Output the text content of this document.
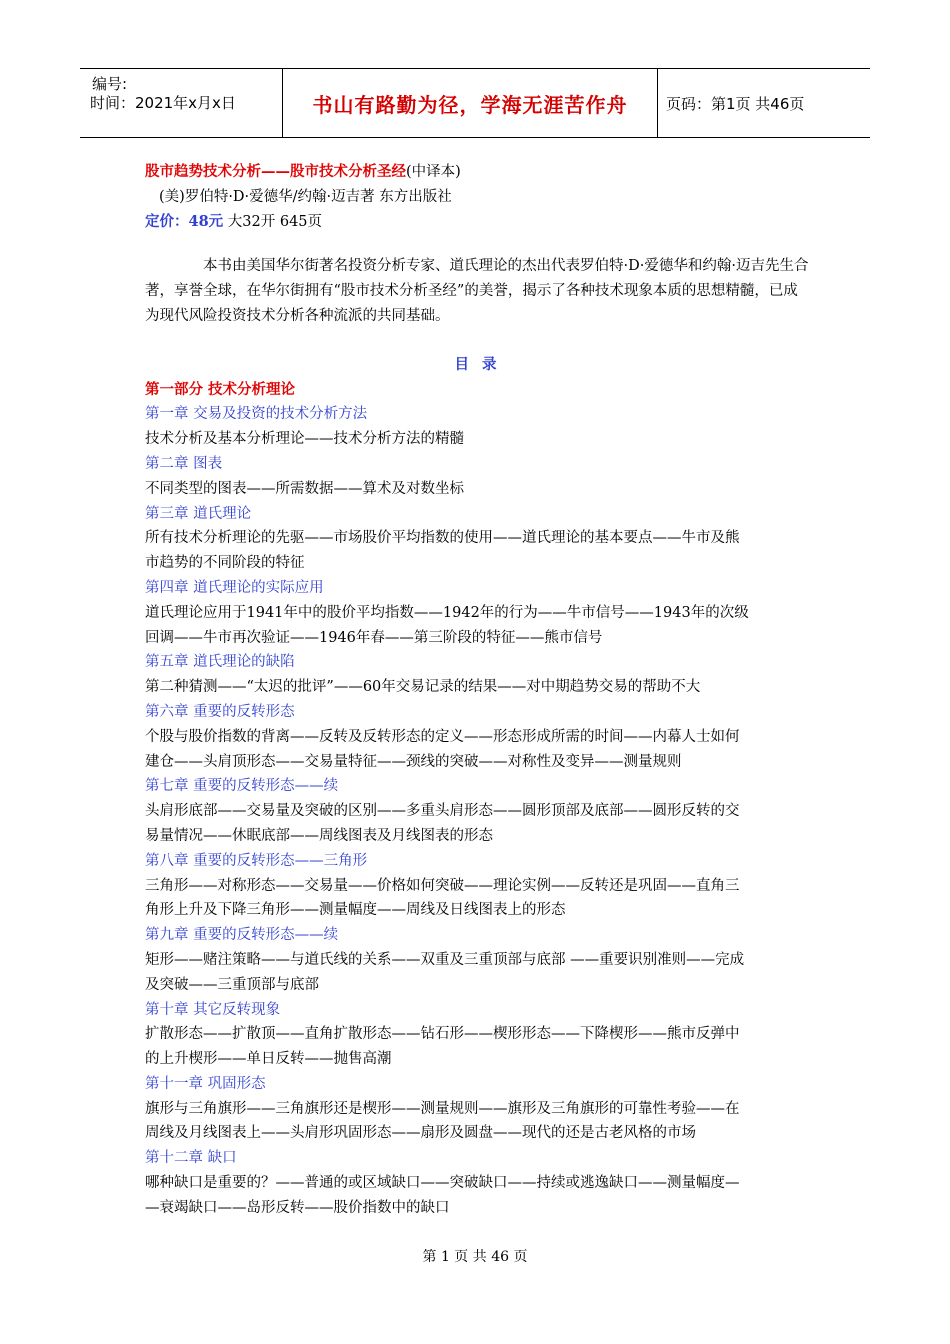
编号:
时间：2021年x月x日	书山有路勤为径，学海无涯苦作舟	页码：第1页 共46页
股市趋势技术分析——股市技术分析圣经(中译本)
(美)罗伯特·D·爱德华/约翰·迈吉著 东方出版社
定价：48元 大32开 645页
本书由美国华尔街著名投资分析专家、道氏理论的杰出代表罗伯特·D·爱德华和约翰·迈吉先生合著，享誉全球，在华尔街拥有“股市技术分析圣经”的美誉，揭示了各种技术现象本质的思想精髓，已成为现代风险投资技术分析各种流派的共同基础。
目 录
第一部分 技术分析理论
第一章 交易及投资的技术分析方法
技术分析及基本分析理论——技术分析方法的精髓
第二章 图表
不同类型的图表——所需数据——算术及对数坐标
第三章 道氏理论
所有技术分析理论的先驱——市场股价平均指数的使用——道氏理论的基本要点——牛市及熊
市趋势的不同阶段的特征
第四章 道氏理论的实际应用
道氏理论应用于1941年中的股价平均指数——1942年的行为——牛市信号——1943年的次级
回调——牛市再次验证——1946年春——第三阶段的特征——熊市信号
第五章 道氏理论的缺陷
第二种猜测——“太迟的批评”——60年交易记录的结果——对中期趋势交易的帮助不大
第六章 重要的反转形态
个股与股价指数的背离——反转及反转形态的定义——形态形成所需的时间——内幕人士如何
建仓——头肩顶形态——交易量特征——颈线的突破——对称性及变异——测量规则
第七章 重要的反转形态——续
头肩形底部——交易量及突破的区别——多重头肩形态——圆形顶部及底部——圆形反转的交
易量情况——休眠底部——周线图表及月线图表的形态
第八章 重要的反转形态——三角形
三角形——对称形态——交易量——价格如何突破——理论实例——反转还是巩固——直角三
角形上升及下降三角形——测量幅度——周线及日线图表上的形态
第九章 重要的反转形态——续
矩形——赌注策略——与道氏线的关系——双重及三重顶部与底部 ——重要识别准则——完成
及突破——三重顶部与底部
第十章 其它反转现象
扩散形态——扩散顶——直角扩散形态——钻石形——楔形形态——下降楔形——熊市反弹中
的上升楔形——单日反转——抛售高潮
第十一章 巩固形态
旗形与三角旗形——三角旗形还是楔形——测量规则——旗形及三角旗形的可靠性考验——在
周线及月线图表上——头肩形巩固形态——扇形及圆盘——现代的还是古老风格的市场
第十二章 缺口
哪种缺口是重要的？——普通的或区域缺口——突破缺口——持续或逃逸缺口——测量幅度—
—衰竭缺口——岛形反转——股价指数中的缺口
第 1 页 共 46 页
